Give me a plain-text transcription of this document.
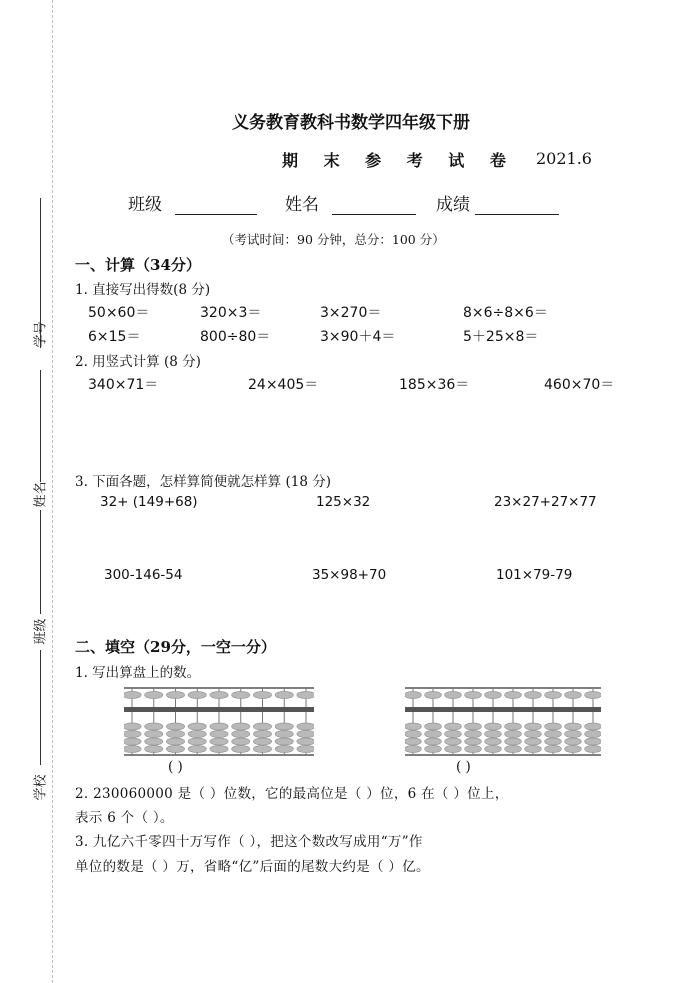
学号
姓名
班级
学校
义务教育教科书数学四年级下册
期 末 参 考 试 卷 2021.6
班级	姓名	成绩
（考试时间：90 分钟，总分：100 分）
一、计算（34分）
1. 直接写出得数(8 分)
50×60＝	320×3＝	3×270＝	8×6÷8×6＝
6×15＝	800÷80＝	3×90＋4＝	5＋25×8＝
2. 用竖式计算 (8 分)
340×71＝	24×405＝	185×36＝	460×70＝
3. 下面各题，怎样算简便就怎样算 (18 分)
32+ (149+68)	125×32	23×27+27×77
300-146-54	35×98+70	101×79-79
二、填空（29分，一空一分）
1. 写出算盘上的数。
( )	( )
2. 230060000 是（ ）位数，它的最高位是（ ）位，6 在（ ）位上，
表示 6 个（ ）。
3. 九亿六千零四十万写作（ ），把这个数改写成用“万”作
单位的数是（ ）万，省略“亿”后面的尾数大约是（ ）亿。
